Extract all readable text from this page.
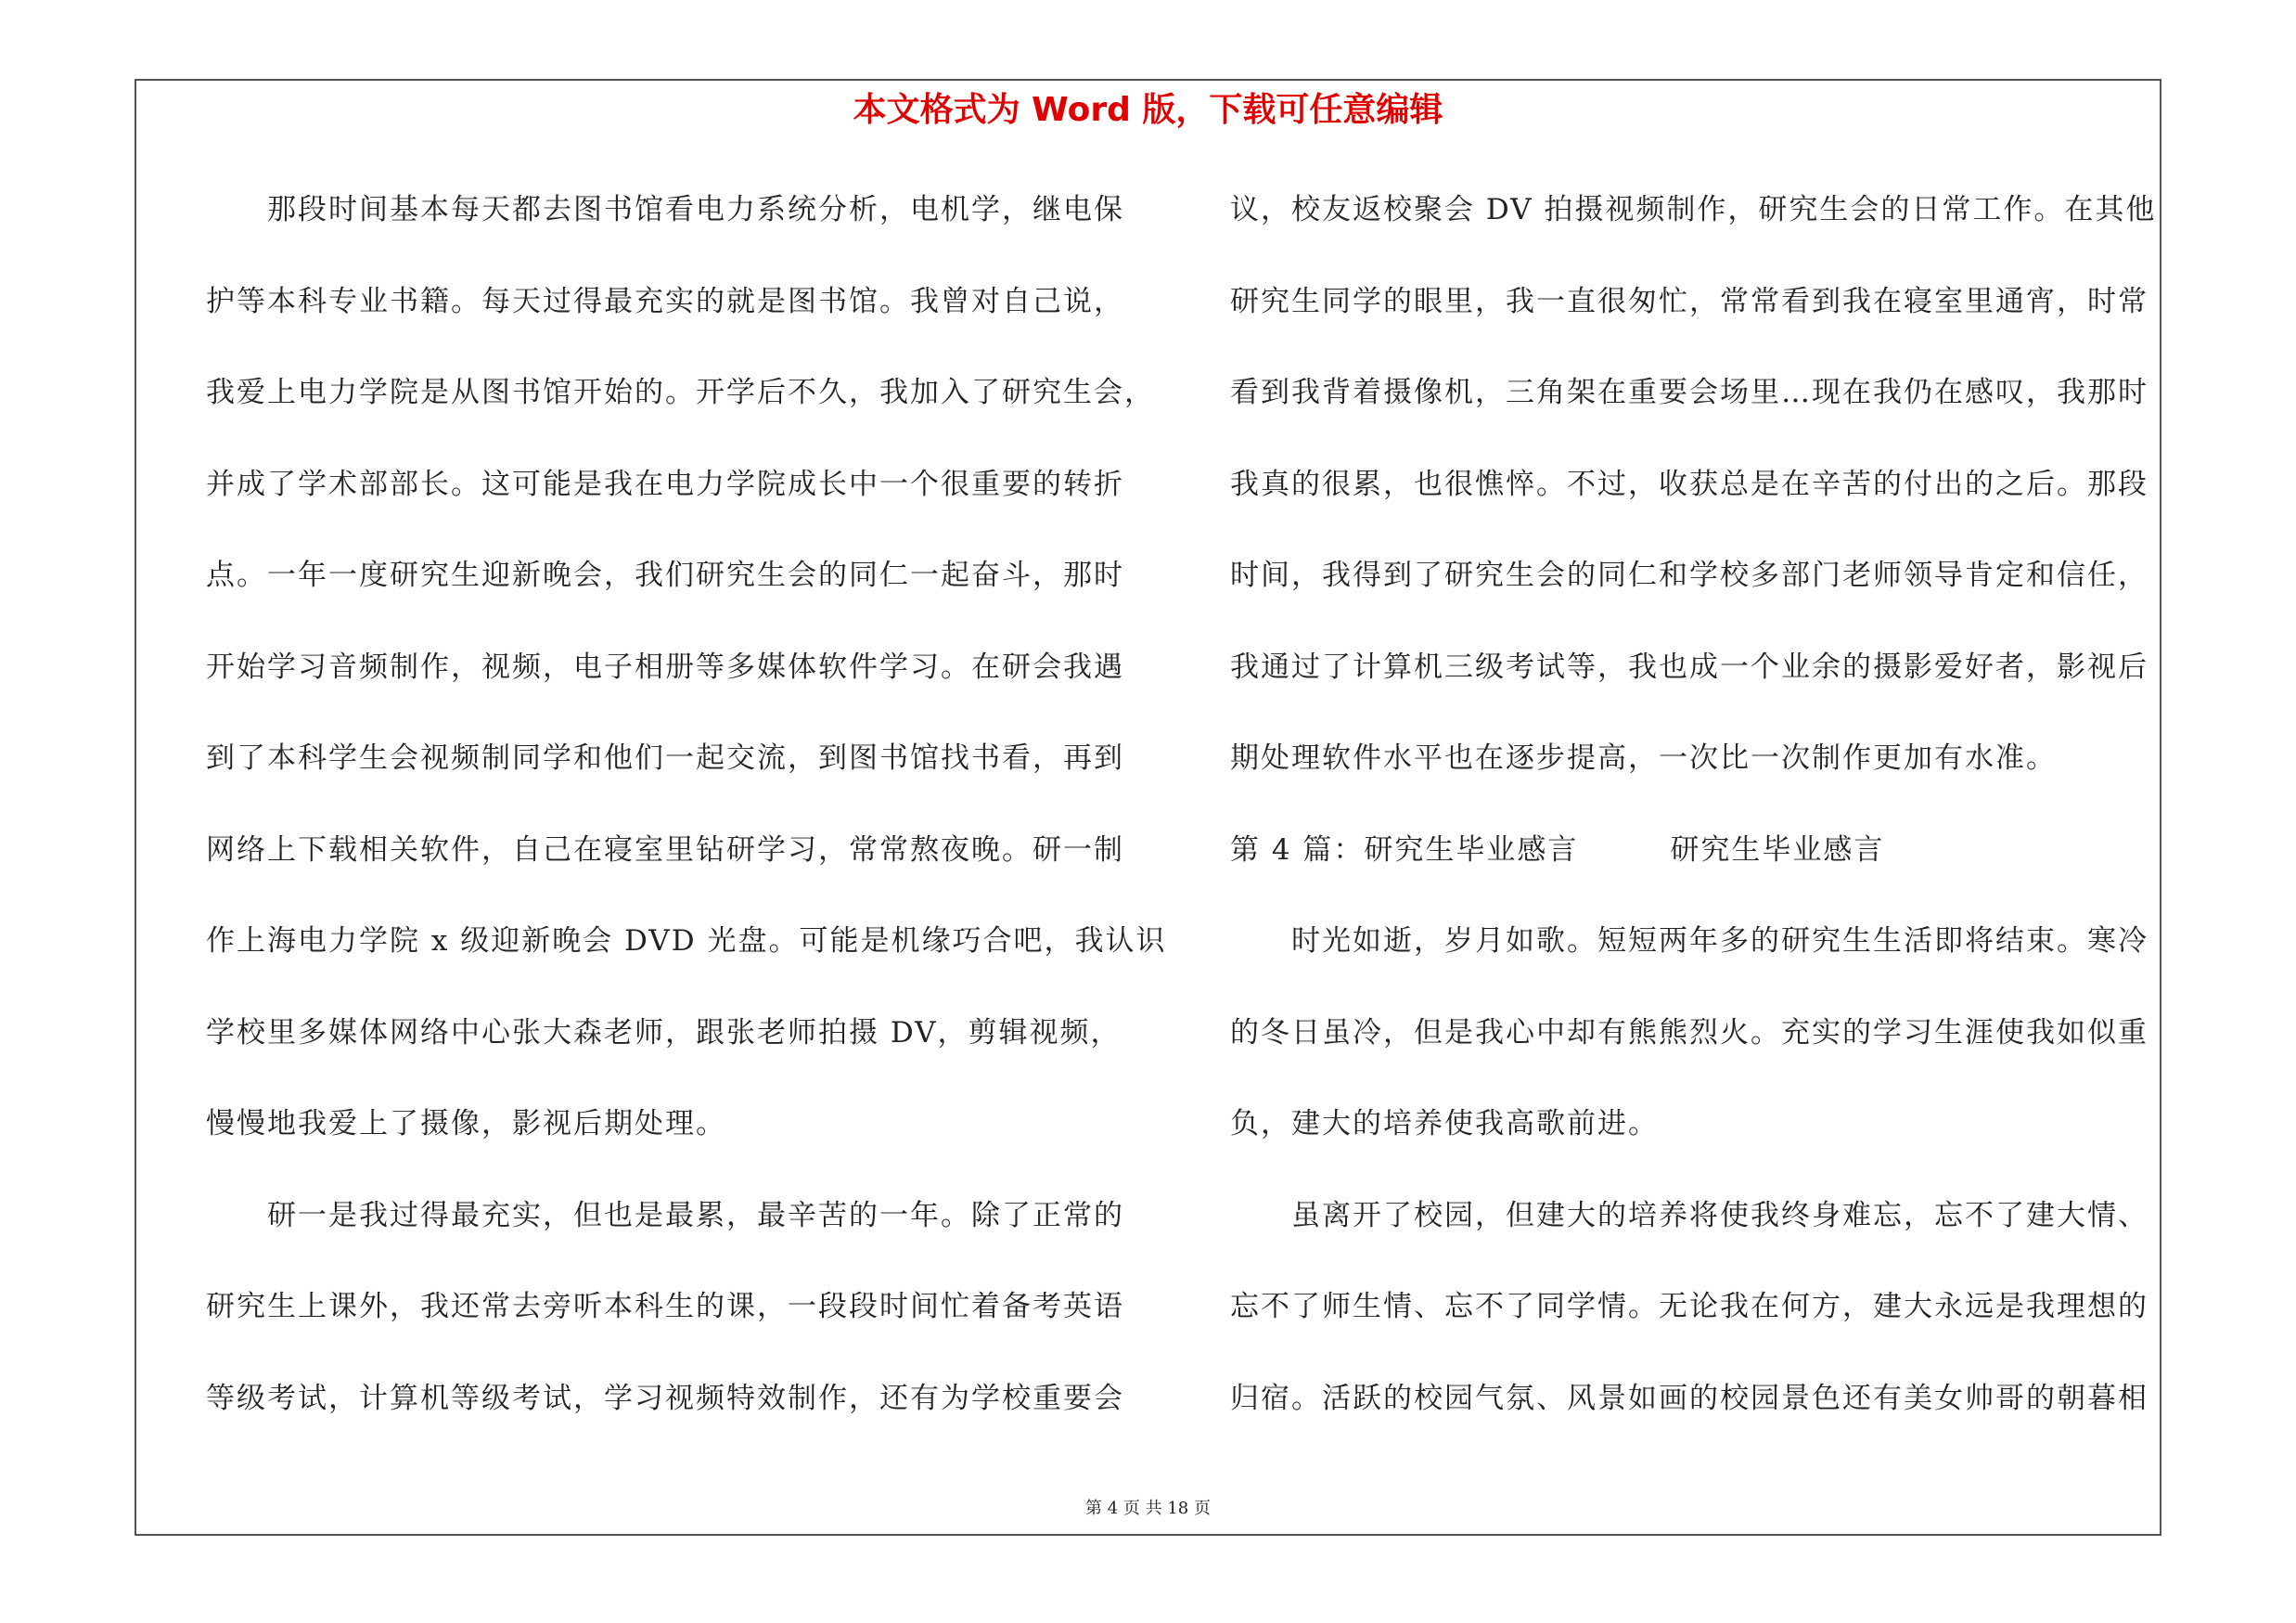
本文格式为 Word 版，下载可任意编辑
　　那段时间基本每天都去图书馆看电力系统分析，电机学，继电保
护等本科专业书籍。每天过得最充实的就是图书馆。我曾对自己说，
我爱上电力学院是从图书馆开始的。开学后不久，我加入了研究生会，
并成了学术部部长。这可能是我在电力学院成长中一个很重要的转折
点。一年一度研究生迎新晚会，我们研究生会的同仁一起奋斗，那时
开始学习音频制作，视频，电子相册等多媒体软件学习。在研会我遇
到了本科学生会视频制同学和他们一起交流，到图书馆找书看，再到
网络上下载相关软件，自己在寝室里钻研学习，常常熬夜晚。研一制
作上海电力学院 x 级迎新晚会 DVD 光盘。可能是机缘巧合吧，我认识
学校里多媒体网络中心张大森老师，跟张老师拍摄 DV，剪辑视频，
慢慢地我爱上了摄像，影视后期处理。
　　研一是我过得最充实，但也是最累，最辛苦的一年。除了正常的
研究生上课外，我还常去旁听本科生的课，一段段时间忙着备考英语
等级考试，计算机等级考试，学习视频特效制作，还有为学校重要会
议，校友返校聚会 DV 拍摄视频制作，研究生会的日常工作。在其他
研究生同学的眼里，我一直很匆忙，常常看到我在寝室里通宵，时常
看到我背着摄像机，三角架在重要会场里…现在我仍在感叹，我那时
我真的很累，也很憔悴。不过，收获总是在辛苦的付出的之后。那段
时间，我得到了研究生会的同仁和学校多部门老师领导肯定和信任，
我通过了计算机三级考试等，我也成一个业余的摄影爱好者，影视后
期处理软件水平也在逐步提高，一次比一次制作更加有水准。
第 4 篇：研究生毕业感言　　　研究生毕业感言
　　时光如逝，岁月如歌。短短两年多的研究生生活即将结束。寒冷
的冬日虽冷，但是我心中却有熊熊烈火。充实的学习生涯使我如似重
负，建大的培养使我高歌前进。
　　虽离开了校园，但建大的培养将使我终身难忘，忘不了建大情、
忘不了师生情、忘不了同学情。无论我在何方，建大永远是我理想的
归宿。活跃的校园气氛、风景如画的校园景色还有美女帅哥的朝暮相
第 4 页 共 18 页
